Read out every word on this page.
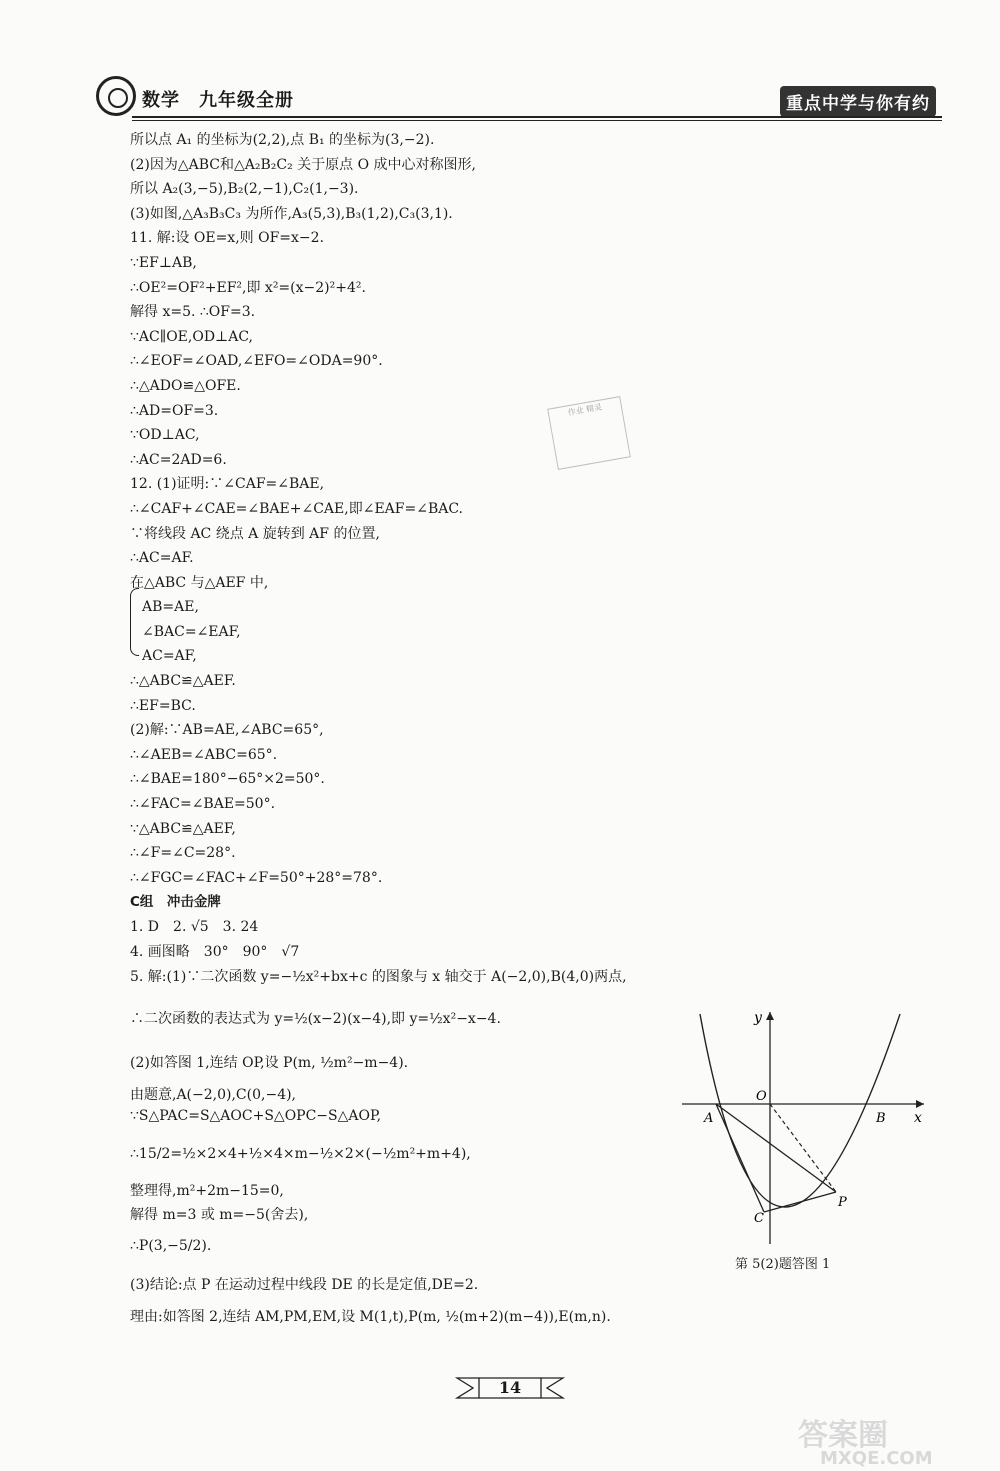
数学　九年级全册	重点中学与你有约
所以点 A₁ 的坐标为(2,2),点 B₁ 的坐标为(3,−2).
(2)因为△ABC和△A₂B₂C₂ 关于原点 O 成中心对称图形,
所以 A₂(3,−5),B₂(2,−1),C₂(1,−3).
(3)如图,△A₃B₃C₃ 为所作,A₃(5,3),B₃(1,2),C₃(3,1).
11. 解:设 OE=x,则 OF=x−2.
∵EF⊥AB,
∴OE²=OF²+EF²,即 x²=(x−2)²+4².
解得 x=5. ∴OF=3.
∵AC∥OE,OD⊥AC,
∴∠EOF=∠OAD,∠EFO=∠ODA=90°.
∴△ADO≌△OFE.
∴AD=OF=3.
∵OD⊥AC,
∴AC=2AD=6.
12. (1)证明:∵∠CAF=∠BAE,
∴∠CAF+∠CAE=∠BAE+∠CAE,即∠EAF=∠BAC.
∵将线段 AC 绕点 A 旋转到 AF 的位置,
∴AC=AF.
在△ABC 与△AEF 中,
AB=AE,
∠BAC=∠EAF,
AC=AF,
∴△ABC≌△AEF.
∴EF=BC.
(2)解:∵AB=AE,∠ABC=65°,
∴∠AEB=∠ABC=65°.
∴∠BAE=180°−65°×2=50°.
∴∠FAC=∠BAE=50°.
∵△ABC≌△AEF,
∴∠F=∠C=28°.
∴∠FGC=∠FAC+∠F=50°+28°=78°.
C组　冲击金牌
1. D　2. √5　3. 24
4. 画图略　30°　90°　√7
5. 解:(1)∵二次函数 y=−½x²+bx+c 的图象与 x 轴交于 A(−2,0),B(4,0)两点,
∴二次函数的表达式为 y=½(x−2)(x−4),即 y=½x²−x−4.
(2)如答图 1,连结 OP,设 P(m, ½m²−m−4).
由题意,A(−2,0),C(0,−4),
∵S△PAC=S△AOC+S△OPC−S△AOP,
∴15/2=½×2×4+½×4×m−½×2×(−½m²+m+4),
整理得,m²+2m−15=0,
解得 m=3 或 m=−5(舍去),
∴P(3,−5/2).
(3)结论:点 P 在运动过程中线段 DE 的长是定值,DE=2.
理由:如答图 2,连结 AM,PM,EM,设 M(1,t),P(m, ½(m+2)(m−4)),E(m,n).
作业 精灵
y
x
A
O
B
C
P
第 5(2)题答图 1
14
答案圈
MXQE.COM
